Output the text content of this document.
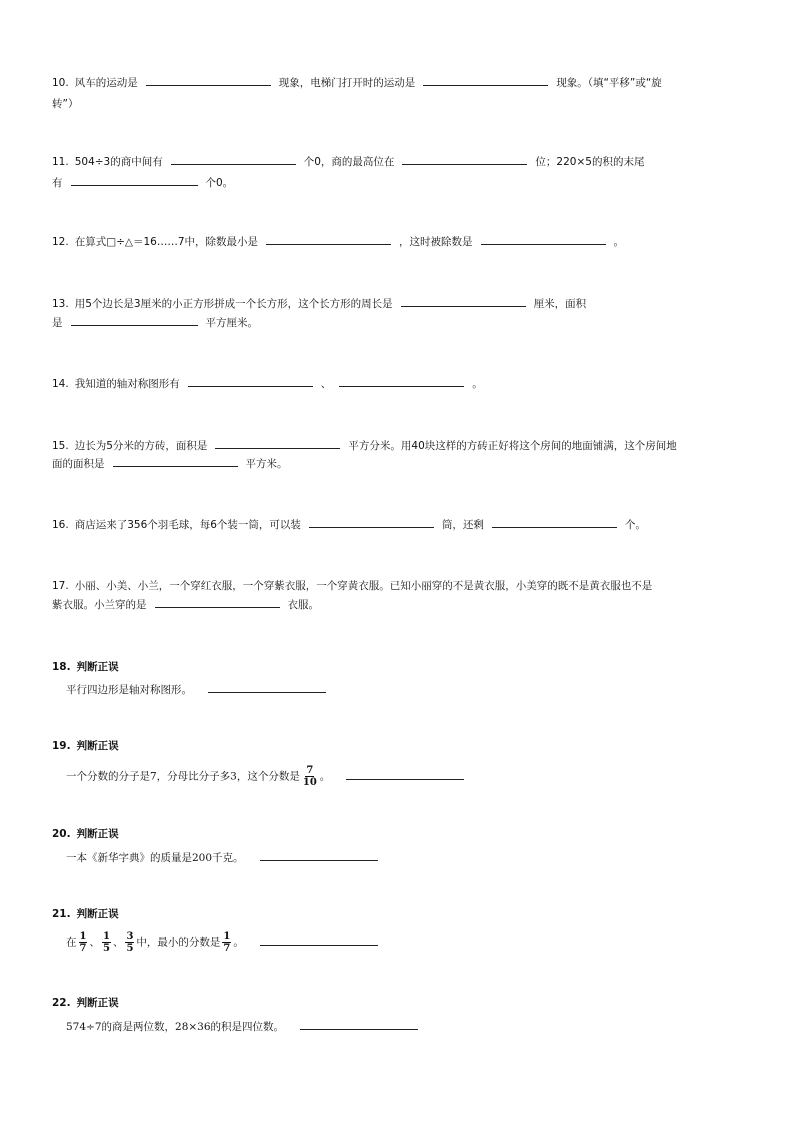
10. 风车的运动是	现象，电梯门打开时的运动是	现象。（填“平移”或“旋
转”）
11. 504÷3的商中间有	个0，商的最高位在	位；220×5的积的末尾
有	个0。
12. 在算式□÷△＝16……7中，除数最小是	，这时被除数是	。
13. 用5个边长是3厘米的小正方形拼成一个长方形，这个长方形的周长是	厘米，面积
是	平方厘米。
14. 我知道的轴对称图形有	、	。
15. 边长为5分米的方砖，面积是	平方分米。用40块这样的方砖正好将这个房间的地面铺满，这个房间地
面的面积是	平方米。
16. 商店运来了356个羽毛球，每6个装一筒，可以装	筒，还剩	个。
17. 小丽、小美、小兰，一个穿红衣服，一个穿紫衣服，一个穿黄衣服。已知小丽穿的不是黄衣服，小美穿的既不是黄衣服也不是
紫衣服。小兰穿的是	衣服。
18. 判断正误
平行四边形是轴对称图形。
19. 判断正误
一个分数的分子是7，分母比分子多3，这个分数是 $\frac{7}{10}$ 。
20. 判断正误
一本《新华字典》的质量是200千克。
21. 判断正误
在 $\frac{1}{7}$ 、 $\frac{1}{5}$ 、 $\frac{3}{5}$ 中，最小的分数是 $\frac{1}{7}$ 。
22. 判断正误
574÷7的商是两位数，28×36的积是四位数。
